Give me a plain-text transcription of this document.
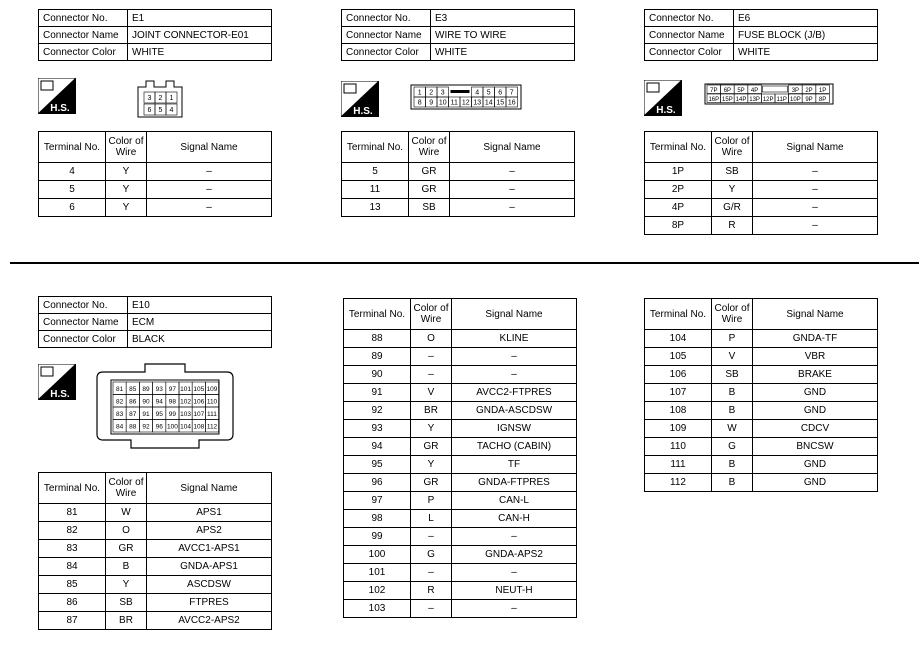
Connector No.	E1
Connector Name	JOINT CONNECTOR-E01
Connector Color	WHITE
H.S.
3 2 1
6 5 4
Terminal No.	Color of Wire	Signal Name
4	Y	–
5	Y	–
6	Y	–
Connector No.	E3
Connector Name	WIRE TO WIRE
Connector Color	WHITE
H.S.
1 2 3	4 5 6 7
8 9 10 11 12 13 14 15 16
Terminal No.	Color of Wire	Signal Name
5	GR	–
11	GR	–
13	SB	–
Connector No.	E6
Connector Name	FUSE BLOCK (J/B)
Connector Color	WHITE
H.S.
7P 6P 5P 4P	3P 2P 1P
16P 15P 14P 13P 12P 11P 10P 9P 8P
Terminal No.	Color of Wire	Signal Name
1P	SB	–
2P	Y	–
4P	G/R	–
8P	R	–
Connector No.	E10
Connector Name	ECM
Connector Color	BLACK
H.S.	81 85 89 93 97 101 105 109
82 86 90 94 98 102 106 110
83 87 91 95 99 103 107 111
84 88 92 96 100 104 108 112
Terminal No.	Color of Wire	Signal Name
81	W	APS1
82	O	APS2
83	GR	AVCC1-APS1
84	B	GNDA-APS1
85	Y	ASCDSW
86	SB	FTPRES
87	BR	AVCC2-APS2
Terminal No.	Color of Wire	Signal Name
88	O	KLINE
89	–	–
90	–	–
91	V	AVCC2-FTPRES
92	BR	GNDA-ASCDSW
93	Y	IGNSW
94	GR	TACHO (CABIN)
95	Y	TF
96	GR	GNDA-FTPRES
97	P	CAN-L
98	L	CAN-H
99	–	–
100	G	GNDA-APS2
101	–	–
102	R	NEUT-H
103	–	–
Terminal No.	Color of Wire	Signal Name
104	P	GNDA-TF
105	V	VBR
106	SB	BRAKE
107	B	GND
108	B	GND
109	W	CDCV
110	G	BNCSW
111	B	GND
112	B	GND
